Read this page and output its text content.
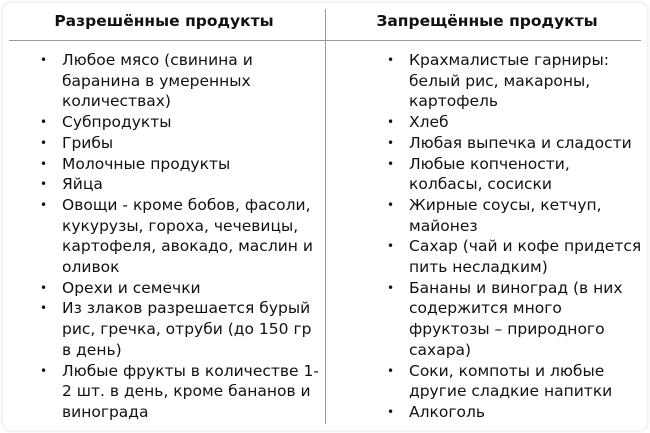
Разрешённые продукты
• Любое мясо (свинина и баранина в умеренных количествах)
• Субпродукты
• Грибы
• Молочные продукты
• Яйца
• Овощи - кроме бобов, фасоли, кукурузы, гороха, чечевицы, картофеля, авокадо, маслин и оливок
• Орехи и семечки
• Из злаков разрешается бурый рис, гречка, отруби (до 150 гр в день)
• Любые фрукты в количестве 1-2 шт. в день, кроме бананов и винограда
Запрещённые продукты
• Крахмалистые гарниры: белый рис, макароны, картофель
• Хлеб
• Любая выпечка и сладости
• Любые копчености, колбасы, сосиски
• Жирные соусы, кетчуп, майонез
• Сахар (чай и кофе придется пить несладким)
• Бананы и виноград (в них содержится много фруктозы – природного сахара)
• Соки, компоты и любые другие сладкие напитки
• Алкоголь
